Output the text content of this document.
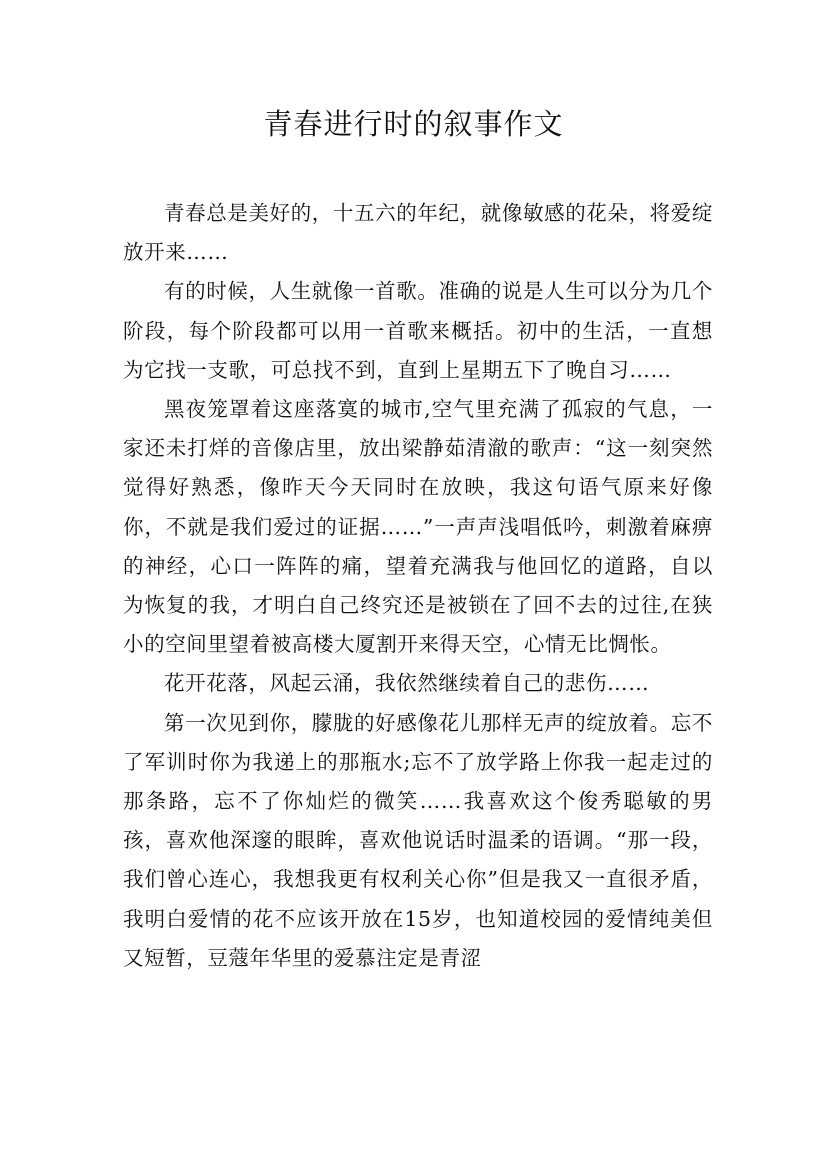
青春进行时的叙事作文

青春总是美好的，十五六的年纪，就像敏感的花朵，将爱绽放开来……

有的时候，人生就像一首歌。准确的说是人生可以分为几个阶段，每个阶段都可以用一首歌来概括。初中的生活，一直想为它找一支歌，可总找不到，直到上星期五下了晚自习……

黑夜笼罩着这座落寞的城市,空气里充满了孤寂的气息，一家还未打烊的音像店里，放出梁静茹清澈的歌声：“这一刻突然觉得好熟悉，像昨天今天同时在放映，我这句语气原来好像你，不就是我们爱过的证据……”一声声浅唱低吟，刺激着麻痹的神经，心口一阵阵的痛，望着充满我与他回忆的道路，自以为恢复的我，才明白自己终究还是被锁在了回不去的过往,在狭小的空间里望着被高楼大厦割开来得天空，心情无比惆怅。

花开花落，风起云涌，我依然继续着自己的悲伤……

第一次见到你，朦胧的好感像花儿那样无声的绽放着。忘不了军训时你为我递上的那瓶水;忘不了放学路上你我一起走过的那条路，忘不了你灿烂的微笑……我喜欢这个俊秀聪敏的男孩，喜欢他深邃的眼眸，喜欢他说话时温柔的语调。“那一段，我们曾心连心，我想我更有权利关心你”但是我又一直很矛盾，我明白爱情的花不应该开放在15岁，也知道校园的爱情纯美但又短暂，豆蔻年华里的爱慕注定是青涩
